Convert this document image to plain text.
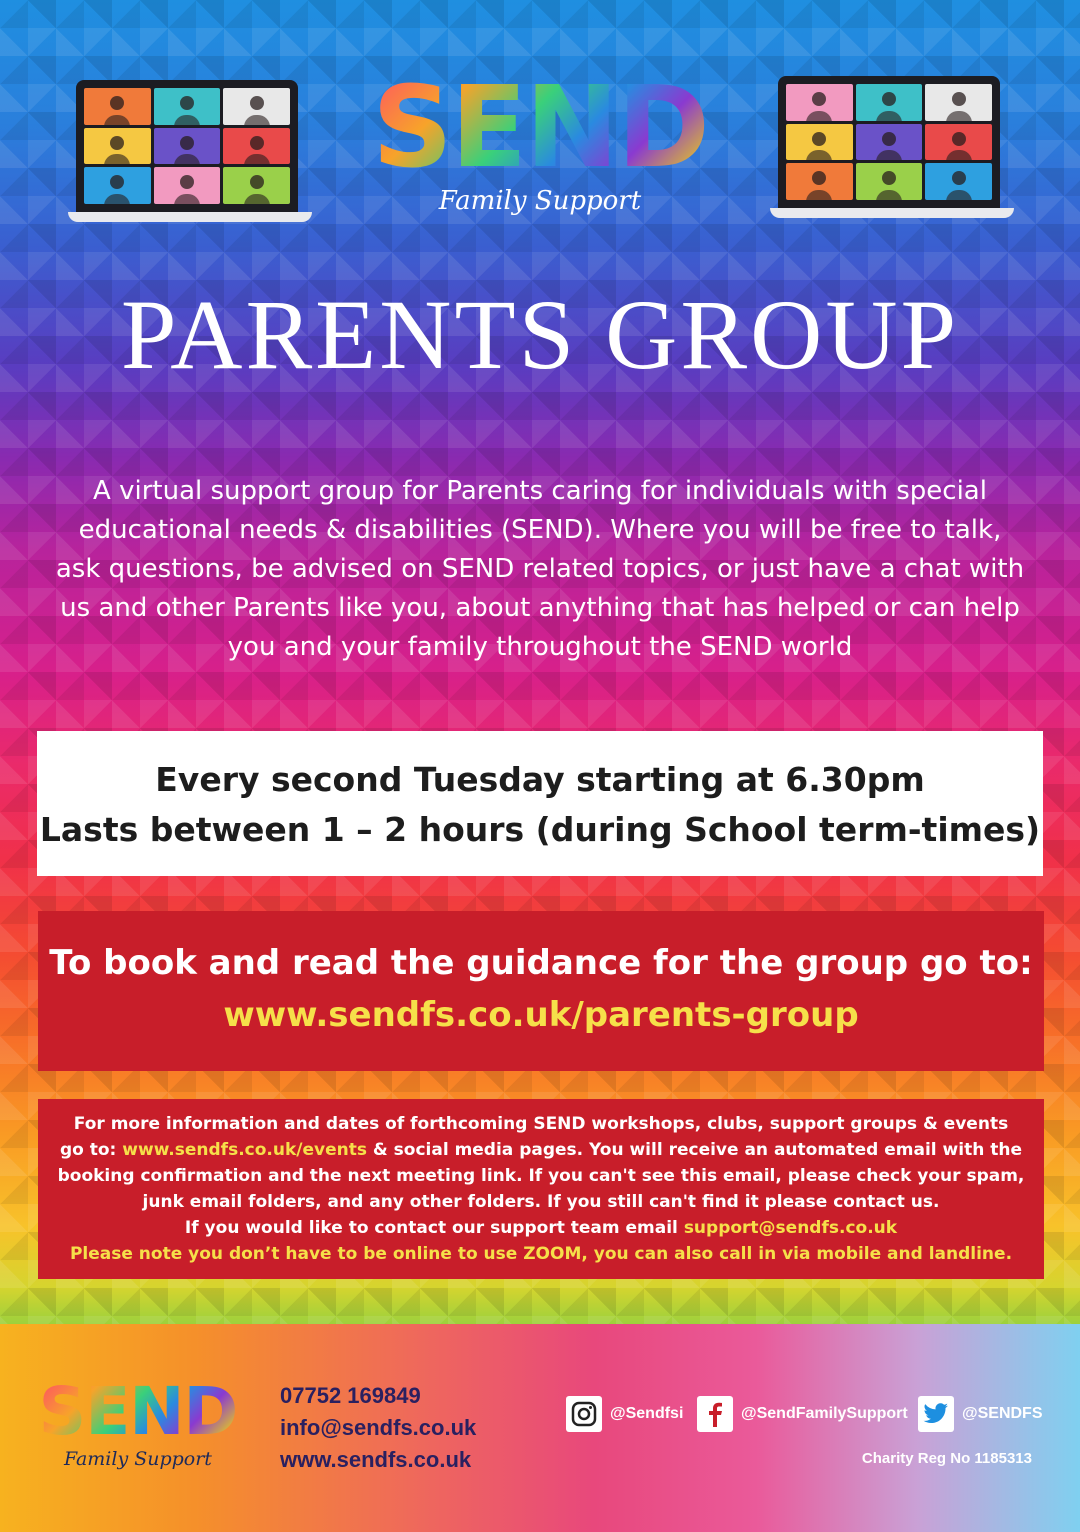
SEND
Family Support
PARENTS GROUP
A virtual support group for Parents caring for individuals with special
educational needs & disabilities (SEND). Where you will be free to talk,
ask questions, be advised on SEND related topics, or just have a chat with
us and other Parents like you, about anything that has helped or can help
you and your family throughout the SEND world
Every second Tuesday starting at 6.30pm
Lasts between 1 – 2 hours (during School term-times)
To book and read the guidance for the group go to:
www.sendfs.co.uk/parents-group

For more information and dates of forthcoming SEND workshops, clubs, support groups & events

go to: www.sendfs.co.uk/events & social media pages. You will receive an automated email with the

booking confirmation and the next meeting link. If you can't see this email, please check your spam,

junk email folders, and any other folders. If you still can't find it please contact us.

If you would like to contact our support team email support@sendfs.co.uk

Please note you don’t have to be online to use ZOOM, you can also call in via mobile and landline.

SEND
Family Support
07752 169849
info@sendfs.co.uk
www.sendfs.co.uk
@Sendfsi	@SendFamilySupport	@SENDFS
Charity Reg No 1185313
